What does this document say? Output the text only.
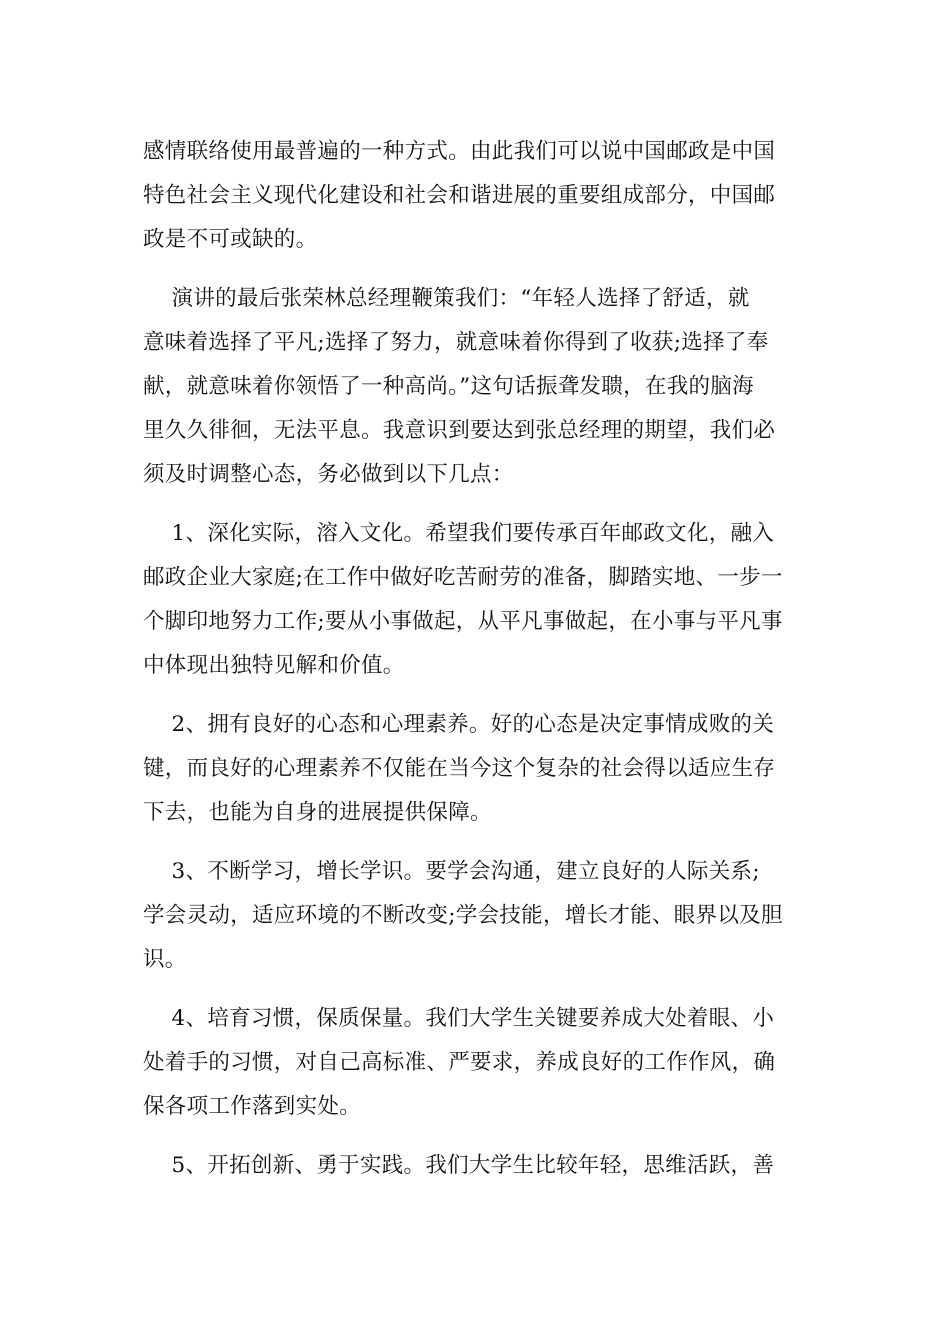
感情联络使用最普遍的一种方式。由此我们可以说中国邮政是中国
特色社会主义现代化建设和社会和谐进展的重要组成部分，中国邮
政是不可或缺的。
演讲的最后张荣林总经理鞭策我们：“年轻人选择了舒适，就
意味着选择了平凡;选择了努力，就意味着你得到了收获;选择了奉
献，就意味着你领悟了一种高尚。”这句话振聋发聩，在我的脑海
里久久徘徊，无法平息。我意识到要达到张总经理的期望，我们必
须及时调整心态，务必做到以下几点：
1、深化实际，溶入文化。希望我们要传承百年邮政文化，融入
邮政企业大家庭;在工作中做好吃苦耐劳的准备，脚踏实地、一步一
个脚印地努力工作;要从小事做起，从平凡事做起，在小事与平凡事
中体现出独特见解和价值。
2、拥有良好的心态和心理素养。好的心态是决定事情成败的关
键，而良好的心理素养不仅能在当今这个复杂的社会得以适应生存
下去，也能为自身的进展提供保障。
3、不断学习，增长学识。要学会沟通，建立良好的人际关系;
学会灵动，适应环境的不断改变;学会技能，增长才能、眼界以及胆
识。
4、培育习惯，保质保量。我们大学生关键要养成大处着眼、小
处着手的习惯，对自己高标准、严要求，养成良好的工作作风，确
保各项工作落到实处。
5、开拓创新、勇于实践。我们大学生比较年轻，思维活跃，善
